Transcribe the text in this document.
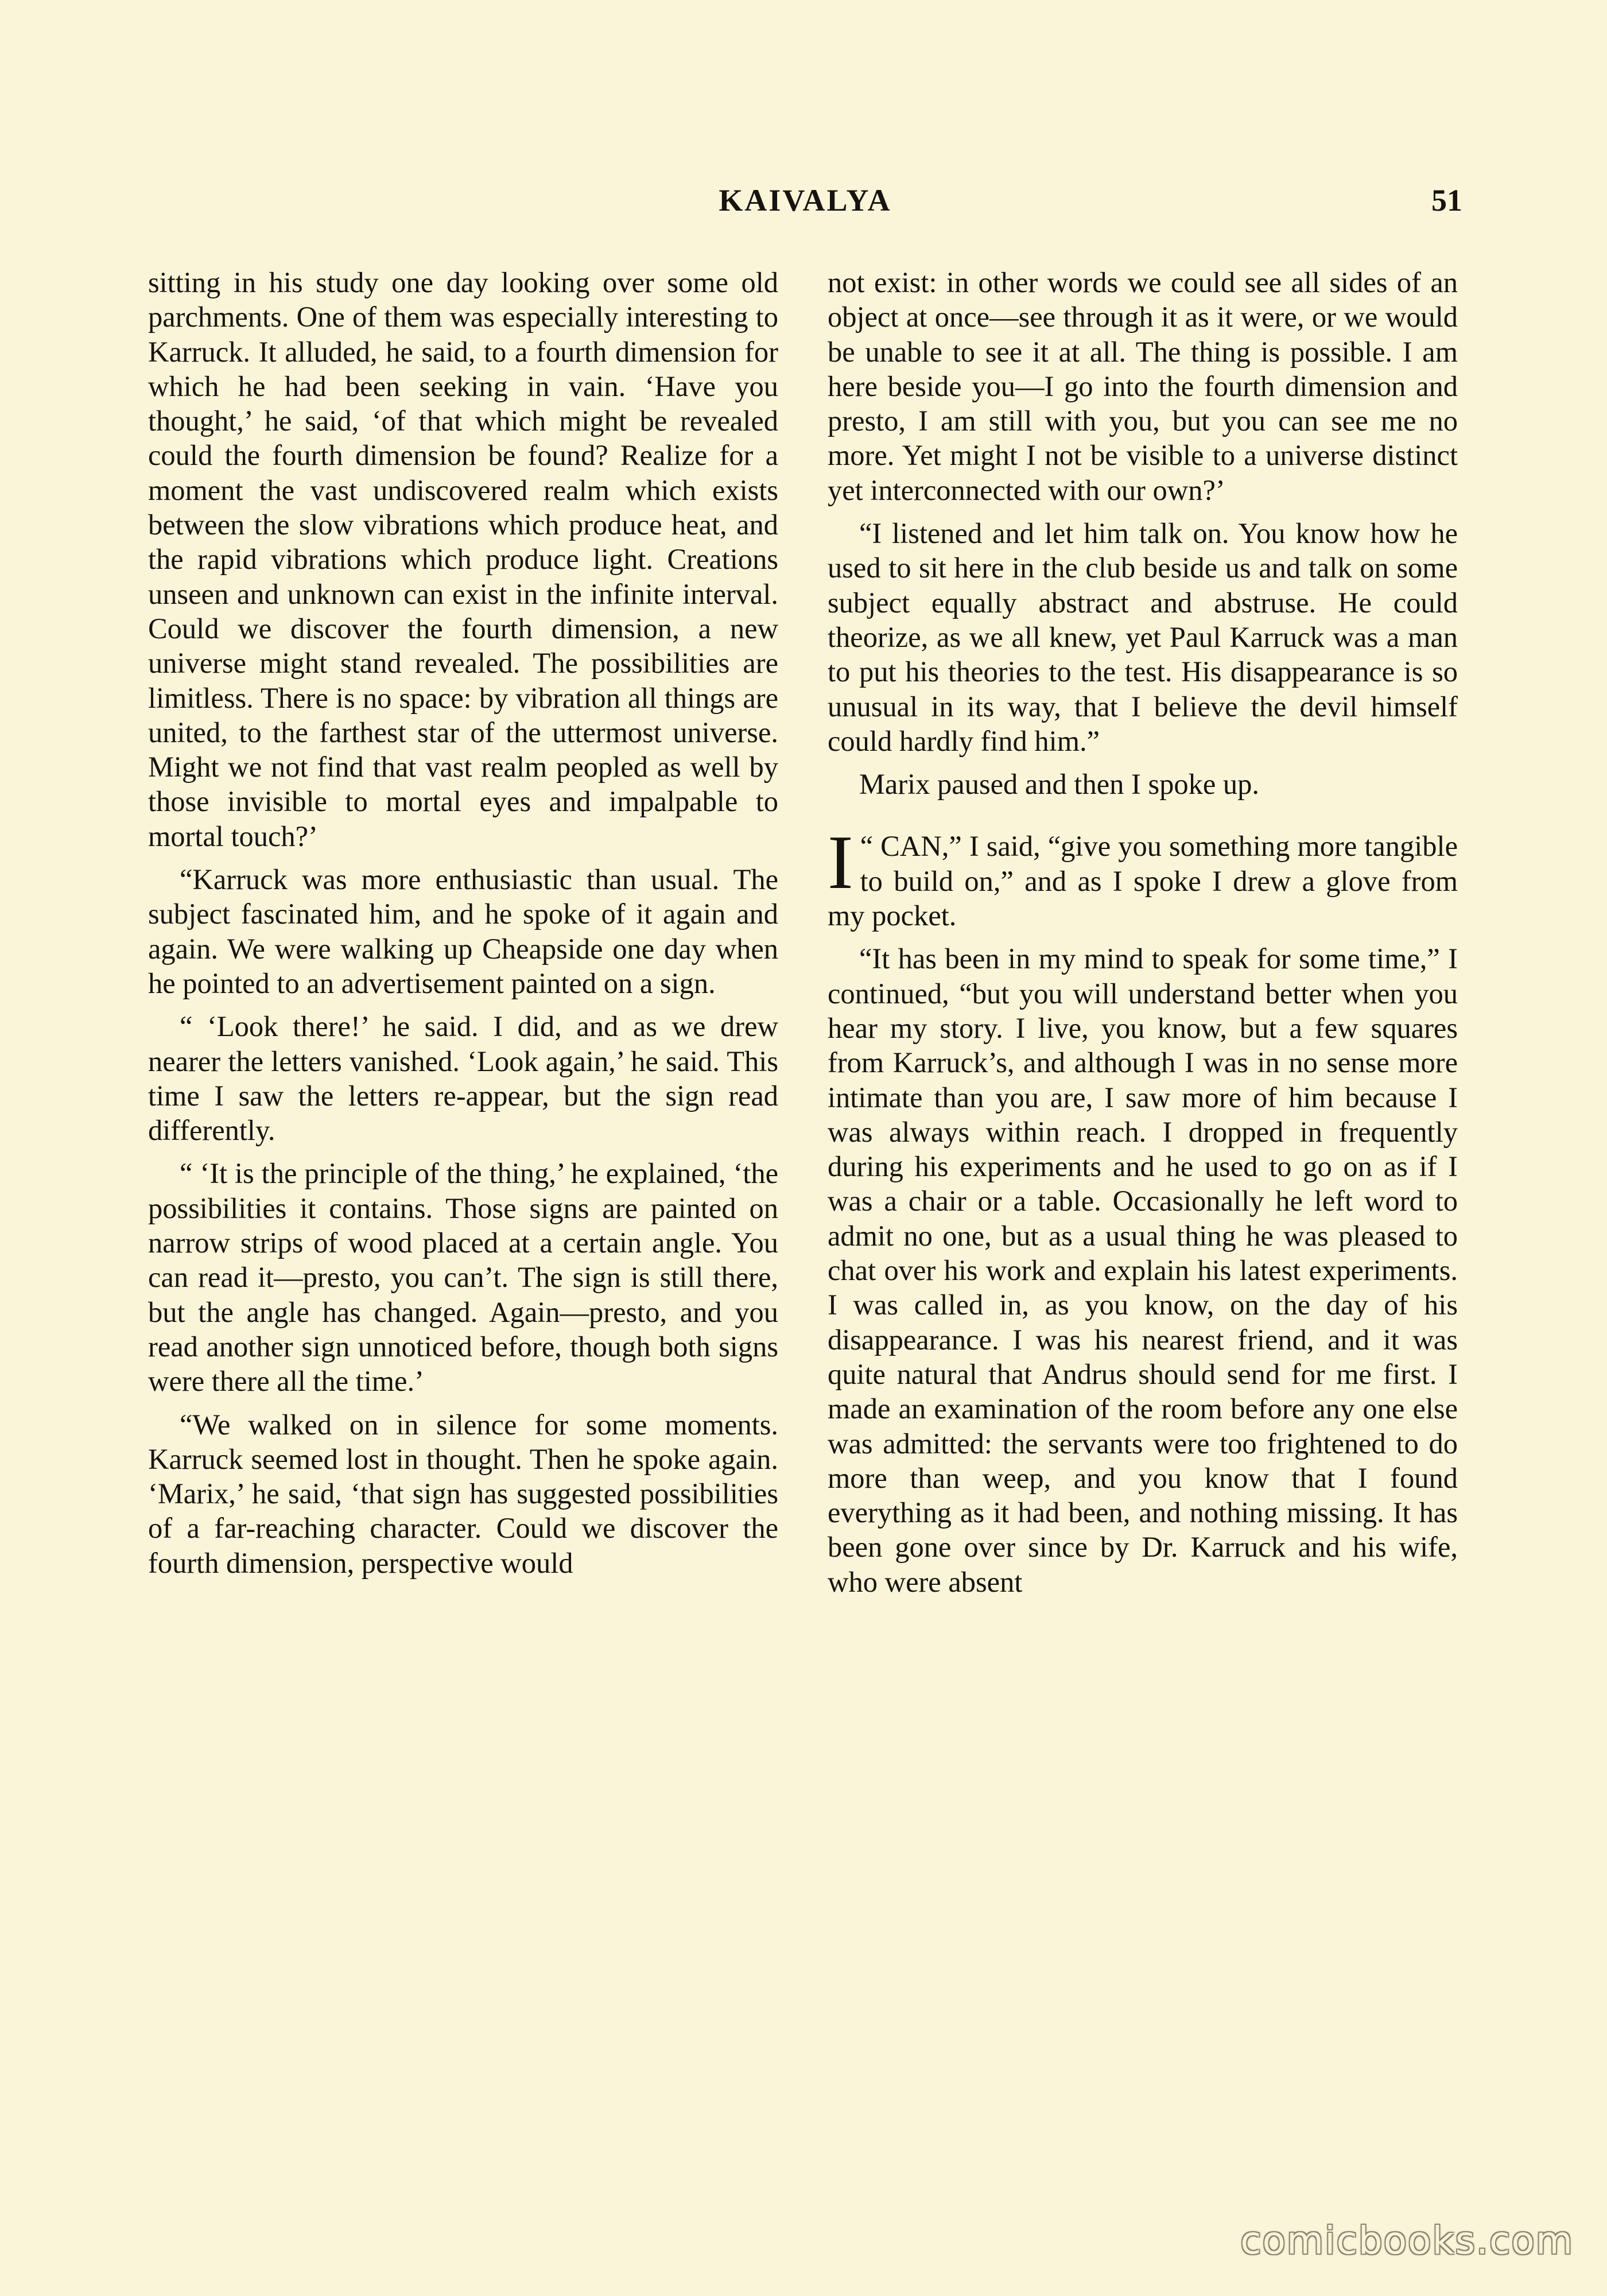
KAIVALYA	51

sitting in his study one day looking over some old parchments. One of them was especially interesting to Karruck. It alluded, he said, to a fourth dimension for which he had been seeking in vain. ‘Have you thought,’ he said, ‘of that which might be revealed could the fourth dimension be found? Realize for a moment the vast undiscovered realm which exists between the slow vibrations which produce heat, and the rapid vibrations which produce light. Creations unseen and unknown can exist in the infinite interval. Could we discover the fourth dimension, a new universe might stand revealed. The possibilities are limitless. There is no space: by vibration all things are united, to the farthest star of the uttermost universe. Might we not find that vast realm peopled as well by those invisible to mortal eyes and impalpable to mortal touch?’

“Karruck was more enthusiastic than usual. The subject fascinated him, and he spoke of it again and again. We were walking up Cheapside one day when he pointed to an advertisement painted on a sign.

“ ‘Look there!’ he said. I did, and as we drew nearer the letters vanished. ‘Look again,’ he said. This time I saw the letters re-appear, but the sign read differently.

“ ‘It is the principle of the thing,’ he explained, ‘the possibilities it contains. Those signs are painted on narrow strips of wood placed at a certain angle. You can read it—presto, you can’t. The sign is still there, but the angle has changed. Again—presto, and you read another sign unnoticed before, though both signs were there all the time.’

“We walked on in silence for some moments. Karruck seemed lost in thought. Then he spoke again. ‘Marix,’ he said, ‘that sign has suggested possibilities of a far-reaching character. Could we discover the fourth dimension, perspective would

not exist: in other words we could see all sides of an object at once—see through it as it were, or we would be unable to see it at all. The thing is possible. I am here beside you—I go into the fourth dimension and presto, I am still with you, but you can see me no more. Yet might I not be visible to a universe distinct yet interconnected with our own?’

“I listened and let him talk on. You know how he used to sit here in the club beside us and talk on some subject equally abstract and abstruse. He could theorize, as we all knew, yet Paul Karruck was a man to put his theories to the test. His disappearance is so unusual in its way, that I believe the devil himself could hardly find him.”

Marix paused and then I spoke up.

“
I CAN,” I said, “give you something more tangible to build on,” and as I spoke I drew a glove from my pocket.

“It has been in my mind to speak for some time,” I continued, “but you will understand better when you hear my story. I live, you know, but a few squares from Karruck’s, and although I was in no sense more intimate than you are, I saw more of him because I was always within reach. I dropped in frequently during his experiments and he used to go on as if I was a chair or a table. Occasionally he left word to admit no one, but as a usual thing he was pleased to chat over his work and explain his latest experiments. I was called in, as you know, on the day of his disappearance. I was his nearest friend, and it was quite natural that Andrus should send for me first. I made an examination of the room before any one else was admitted: the servants were too frightened to do more than weep, and you know that I found everything as it had been, and nothing missing. It has been gone over since by Dr. Karruck and his wife, who were absent

comicbooks.com
